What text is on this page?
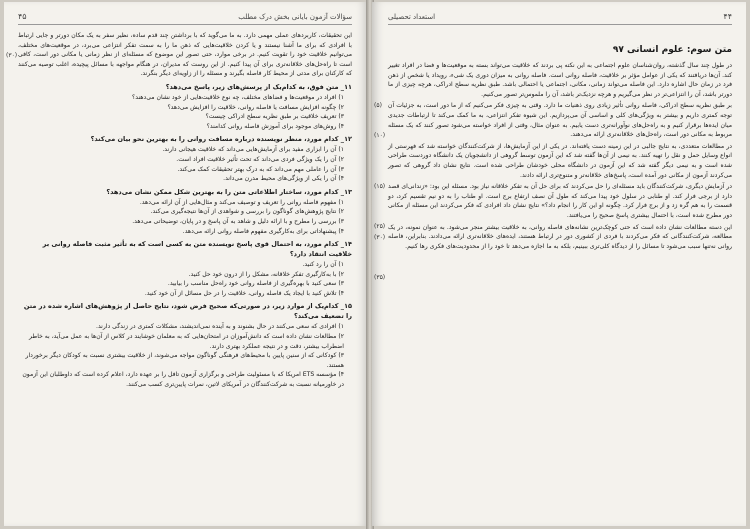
سؤالات آزمون بایانی بخش درک مطلب
۴۵
(۳۰)
این تحقیقات، کاربردهای عملی مهمی دارد. به ما می‌گوید که با برداشتن چند قدم ساده، نظیر سفر به یک مکان دورتر و جایی ارتباط با افرادی که برای ما آشنا نیستند و یا کردن خلاقیت‌هایی که ذهن ما را به سمت تفکر انتزاعی می‌برد، در موقعیت‌های مختلف، می‌توانیم خلاقیت خود را تقویت کنیم. در برخی موارد، حتی تصور این موضوع که مسئله‌ای از نظر زمانی یا مکانی دور است، کافی است تا راه‌حل‌های خلاقانه‌تری برای آن پیدا کنیم. از این روست که مدیران، در هنگام مواجهه با مسائل پیچیده، اغلب توصیه می‌کنند که کارکنان برای مدتی از محیط کار فاصله بگیرند و مسئله را از زاویه‌ای دیگر بنگرند.
۱۱_ متن فوق، به کدام‌یک از پرسش‌های زیر، پاسخ می‌دهد؟
۱) افراد در موقعیت‌ها و فضاهای مختلف، چه نوع خلاقیت‌هایی از خود نشان می‌دهند؟
۲) چگونه افزایش مسافت یا فاصله روانی، خلاقیت را افزایش می‌دهد؟
۳) تعریف خلاقیت بر طبق نظریه سطح ادراکی چیست؟
۴) روش‌های موجود برای آموزش فاصله روانی کدامند؟
۱۲_ کدام مورد، منظر نویسنده درباره مسافت روانی را به بهترین نحو بیان می‌کند؟
۱) آن را ابزاری مفید برای آزمایش‌هایی می‌داند که خلاقیت هیجانی دارند.
۲) آن را یک ویژگی فردی می‌داند که تحت تأثیر خلاقیت افراد است.
۳) آن را عاملی مهم می‌داند که به درک بهتر تحقیقات کمک می‌کند.
۴) آن را یکی از ویژگی‌های محیط مدرن می‌داند.
۱۳_ کدام مورد، ساختار اطلاعاتی متن را به بهترین شکل ممکن نشان می‌دهد؟
۱) مفهوم فاصله روانی را تعریف و توصیف می‌کند و مثال‌هایی از آن ارائه می‌دهد.
۲) نتایج پژوهش‌های گوناگون را بررسی و شواهدی از آن‌ها نتیجه‌گیری می‌کند.
۳) بررسی را مطرح و با ارائه دلیل و شاهد به آن پاسخ و در پایان، توضیحاتی می‌دهد.
۴) پیشنهاداتی برای به‌کارگیری مفهوم فاصله روانی ارائه می‌دهد.
۱۴_ کدام مورد، به احتمال قوی پاسخ نویسنده متن به کسی است که به تأثیر مثبت فاصله روانی بر خلاقیت انتقاد دارد؟
۱) آن را رد کنید.
۲) با به‌کارگیری تفکر خلاقانه، مشکل را از درون خود حل کنید.
۳) سعی کنید با بهره‌گیری از فاصله روانی خود راه‌حل مناسب را بیابید.
۴) تلاش کنید با ایجاد یک فاصله روانی، خلاقیت را در حل مسائل از آن خود کنید.
۱۵_ کدام‌یک از موارد زیر، در صورتی‌که صحیح فرض شود، نتایج حاصل از پژوهش‌های اشاره شده در متن را تضعیف می‌کند؟
۱) افرادی که سعی می‌کنند در حال بشنوند و به آینده نمی‌اندیشند، مشکلات کمتری در زندگی دارند.
۲) مطالعات نشان داده است که دانش‌آموزان در امتحان‌هایی که به معلمان خوشایند در کلاس از آن‌ها به عمل می‌آید، به خاطر اضطراب بیشتر، دقت و در نتیجه عملکرد بهتری دارند.
۳) کودکانی که از سنین پایین با محیط‌های فرهنگی گوناگون مواجه می‌شوند، از خلاقیت بیشتری نسبت به کودکان دیگر برخوردار هستند.
۴) مؤسسه ETS امریکا که با مسئولیت طراحی و برگزاری آزمون تافل را بر عهده دارد، اعلام کرده است که داوطلبان این آزمون در خاورمیانه نسبت به شرکت‌کنندگان در آمریکای لاتین، نمرات پایین‌تری کسب می‌کنند.
۴۴
استعداد تحصیلی
متن سوم: علوم انسانی ۹۷
(۵)
در طول چند سال گذشته، روان‌شناسان علوم اجتماعی به این نکته پی بردند که خلاقیت می‌تواند بسته به موقعیت‌ها و فضا در افراد تغییر کند. آن‌ها دریافتند که یکی از عوامل مؤثر بر خلاقیت، فاصله روانی است. فاصله روانی به میزان دوری یک شیء، رویداد یا شخص از ذهن فرد در زمان حال اشاره دارد. این فاصله می‌تواند زمانی، مکانی، اجتماعی یا احتمالی باشد. طبق نظریه سطح ادراکی، هرچه چیزی از ما دورتر باشد، آن را انتزاعی‌تر در نظر می‌گیریم و هرچه نزدیک‌تر باشد، آن را ملموس‌تر تصور می‌کنیم.
(۱۰)
بر طبق نظریه سطح ادراکی، فاصله روانی تأثیر زیادی روی ذهنیات ما دارد. وقتی به چیزی فکر می‌کنیم که از ما دور است، به جزئیات آن توجه کمتری داریم و بیشتر به ویژگی‌های کلی و اساسی آن می‌پردازیم. این شیوه تفکر انتزاعی، به ما کمک می‌کند تا ارتباطات جدیدی میان ایده‌ها برقرار کنیم و به راه‌حل‌های نوآورانه‌تری دست یابیم. به عنوان مثال، وقتی از افراد خواسته می‌شود تصور کنند که یک مسئله مربوط به مکانی دور است، راه‌حل‌های خلاقانه‌تری ارائه می‌دهند.
(۱۵)
در مطالعات متعددی، به نتایج جالبی در این زمینه دست یافته‌اند. در یکی از این آزمایش‌ها، از شرکت‌کنندگان خواسته شد که فهرستی از انواع وسایل حمل و نقل را تهیه کنند. به نیمی از آن‌ها گفته شد که این آزمون توسط گروهی از دانشجویان یک دانشگاه دوردست طراحی شده است و به نیمی دیگر گفته شد که این آزمون در دانشگاه محلی خودشان طراحی شده است. نتایج نشان داد گروهی که تصور می‌کردند آزمون از مکانی دور آمده است، پاسخ‌های خلاقانه‌تر و متنوع‌تری ارائه دادند.
(۲۵)
در آزمایش دیگری، شرکت‌کنندگان باید مسئله‌ای را حل می‌کردند که برای حل آن به تفکر خلاقانه نیاز بود. مسئله این بود: «زندانی‌ای قصد دارد از برجی فرار کند. او طنابی در سلول خود پیدا می‌کند که طول آن نصف ارتفاع برج است. او طناب را به دو نیم تقسیم کرد، دو قسمت را به هم گره زد و از برج فرار کرد. چگونه او این کار را انجام داد؟» نتایج نشان داد افرادی که فکر می‌کردند این مسئله از مکانی دور مطرح شده است، با احتمال بیشتری پاسخ صحیح را می‌یافتند.
(۳۰)
(۳۵)
این دسته مطالعات نشان داده است که حتی کوچک‌ترین نشانه‌های فاصله روانی، به خلاقیت بیشتر منجر می‌شود. به عنوان نمونه، در یک مطالعه، شرکت‌کنندگانی که فکر می‌کردند با فردی از کشوری دور در ارتباط هستند، ایده‌های خلاقانه‌تری ارائه می‌دادند. بنابراین، فاصله روانی نه‌تنها سبب می‌شود تا مسائل را از دیدگاه کلی‌تری ببینیم، بلکه به ما اجازه می‌دهد تا خود را از محدودیت‌های فکری رها کنیم.
